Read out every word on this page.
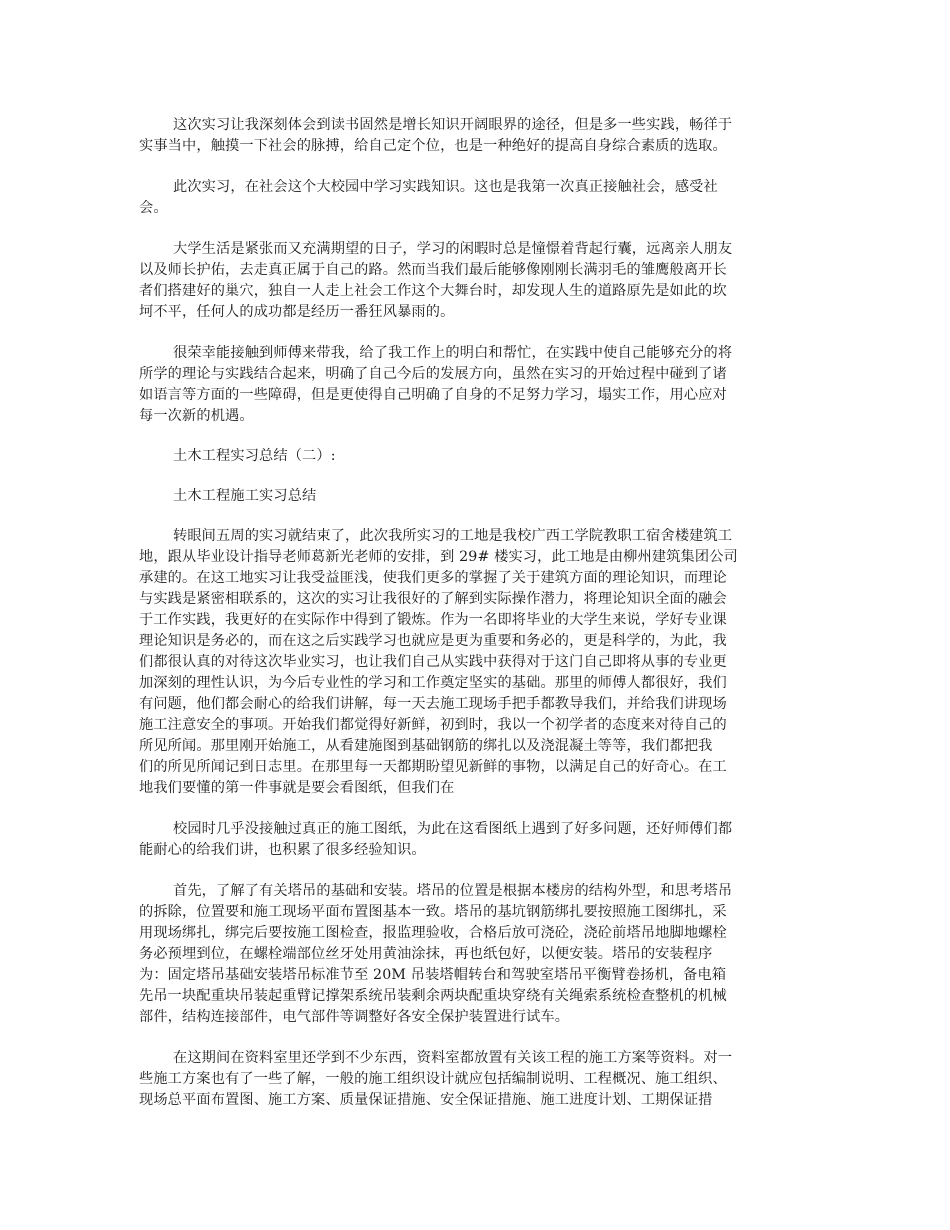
这次实习让我深刻体会到读书固然是增长知识开阔眼界的途径，但是多一些实践，畅徉于
实事当中，触摸一下社会的脉搏，给自己定个位，也是一种绝好的提高自身综合素质的选取。
此次实习，在社会这个大校园中学习实践知识。这也是我第一次真正接触社会，感受社
会。
大学生活是紧张而又充满期望的日子，学习的闲暇时总是憧憬着背起行囊，远离亲人朋友
以及师长护佑，去走真正属于自己的路。然而当我们最后能够像刚刚长满羽毛的雏鹰般离开长
者们搭建好的巢穴，独自一人走上社会工作这个大舞台时，却发现人生的道路原先是如此的坎
坷不平，任何人的成功都是经历一番狂风暴雨的。
很荣幸能接触到师傅来带我，给了我工作上的明白和帮忙，在实践中使自己能够充分的将
所学的理论与实践结合起来，明确了自己今后的发展方向，虽然在实习的开始过程中碰到了诸
如语言等方面的一些障碍，但是更使得自己明确了自身的不足努力学习，塌实工作，用心应对
每一次新的机遇。
土木工程实习总结（二）:
土木工程施工实习总结
转眼间五周的实习就结束了，此次我所实习的工地是我校广西工学院教职工宿舍楼建筑工
地，跟从毕业设计指导老师葛新光老师的安排，到 29# 楼实习，此工地是由柳州建筑集团公司
承建的。在这工地实习让我受益匪浅，使我们更多的掌握了关于建筑方面的理论知识，而理论
与实践是紧密相联系的，这次的实习让我很好的了解到实际操作潜力，将理论知识全面的融会
于工作实践，我更好的在实际作中得到了锻炼。作为一名即将毕业的大学生来说，学好专业课
理论知识是务必的，而在这之后实践学习也就应是更为重要和务必的，更是科学的，为此，我
们都很认真的对待这次毕业实习，也让我们自己从实践中获得对于这门自己即将从事的专业更
加深刻的理性认识，为今后专业性的学习和工作奠定坚实的基础。那里的师傅人都很好，我们
有问题，他们都会耐心的给我们讲解，每一天去施工现场手把手都教导我们，并给我们讲现场
施工注意安全的事项。开始我们都觉得好新鲜，初到时，我以一个初学者的态度来对待自己的
所见所闻。那里刚开始施工，从看建施图到基础钢筋的绑扎以及浇混凝土等等，我们都把我
们的所见所闻记到日志里。在那里每一天都期盼望见新鲜的事物，以满足自己的好奇心。在工
地我们要懂的第一件事就是要会看图纸，但我们在
校园时几乎没接触过真正的施工图纸，为此在这看图纸上遇到了好多问题，还好师傅们都
能耐心的给我们讲，也积累了很多经验知识。
首先，了解了有关塔吊的基础和安装。塔吊的位置是根据本楼房的结构外型，和思考塔吊
的拆除，位置要和施工现场平面布置图基本一致。塔吊的基坑钢筋绑扎要按照施工图绑扎，采
用现场绑扎，绑完后要按施工图检查，报监理验收，合格后放可浇砼，浇砼前塔吊地脚地螺栓
务必预埋到位，在螺栓端部位丝牙处用黄油涂抹，再也纸包好，以便安装。塔吊的安装程序
为：固定塔吊基础安装塔吊标准节至 20M 吊装塔帽转台和驾驶室塔吊平衡臂卷扬机，备电箱
先吊一块配重块吊装起重臂记撑架系统吊装剩余两块配重块穿绕有关绳索系统检查整机的机械
部件，结构连接部件，电气部件等调整好各安全保护装置进行试车。
在这期间在资料室里还学到不少东西，资料室都放置有关该工程的施工方案等资料。对一
些施工方案也有了一些了解，一般的施工组织设计就应包括编制说明、工程概况、施工组织、
现场总平面布置图、施工方案、质量保证措施、安全保证措施、施工进度计划、工期保证措
